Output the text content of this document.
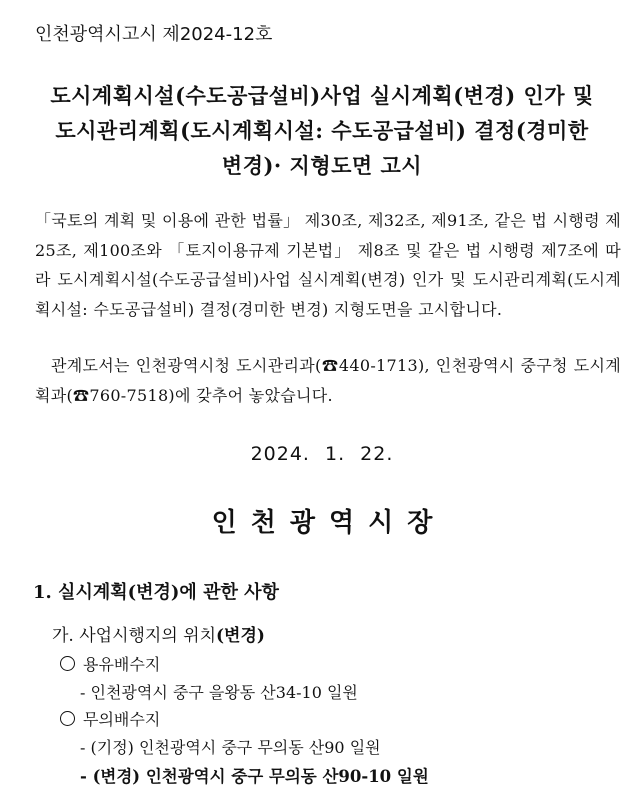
인천광역시고시 제2024-12호
도시계획시설(수도공급설비)사업 실시계획(변경) 인가 및
도시관리계획(도시계획시설: 수도공급설비) 결정(경미한
변경)· 지형도면 고시
「국토의 계획 및 이용에 관한 법률」 제30조, 제32조, 제91조, 같은 법 시행령 제25조, 제100조와 「토지이용규제 기본법」 제8조 및 같은 법 시행령 제7조에 따라 도시계획시설(수도공급설비)사업 실시계획(변경) 인가 및 도시관리계획(도시계획시설: 수도공급설비) 결정(경미한 변경) 지형도면을 고시합니다.
관계도서는 인천광역시청 도시관리과(☎440-1713), 인천광역시 중구청 도시계획과(☎760-7518)에 갖추어 놓았습니다.
2024. 1. 22.
인천광역시장
1. 실시계획(변경)에 관한 사항
가. 사업시행지의 위치(변경)
용유배수지
- 인천광역시 중구 을왕동 산34-10 일원
무의배수지
- (기정) 인천광역시 중구 무의동 산90 일원
- (변경) 인천광역시 중구 무의동 산90-10 일원
